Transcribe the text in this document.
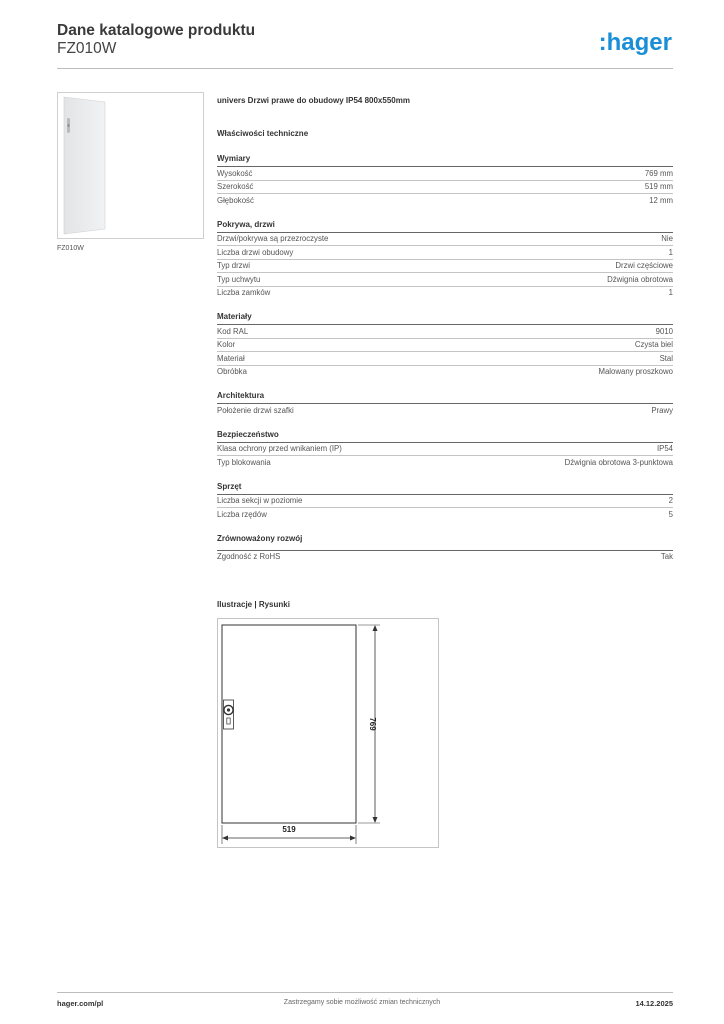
Dane katalogowe produktu
FZ010W	:hager
FZ010W
univers Drzwi prawe do obudowy IP54 800x550mm
Właściwości techniczne
Wymiary
Wysokość	769 mm
Szerokość	519 mm
Głębokość	12 mm
Pokrywa, drzwi
Drzwi/pokrywa są przezroczyste	Nie
Liczba drzwi obudowy	1
Typ drzwi	Drzwi częściowe
Typ uchwytu	Dźwignia obrotowa
Liczba zamków	1
Materiały
Kod RAL	9010
Kolor	Czysta biel
Materiał	Stal
Obróbka	Malowany proszkowo
Architektura
Położenie drzwi szafki	Prawy
Bezpieczeństwo
Klasa ochrony przed wnikaniem (IP)	IP54
Typ blokowania	Dźwignia obrotowa 3-punktowa
Sprzęt
Liczba sekcji w poziomie	2
Liczba rzędów	5
Zrównoważony rozwój
Zgodność z RoHS	Tak
Ilustracje | Rysunki
769
519
hager.com/pl	Zastrzegamy sobie możliwość zmian technicznych	14.12.2025
